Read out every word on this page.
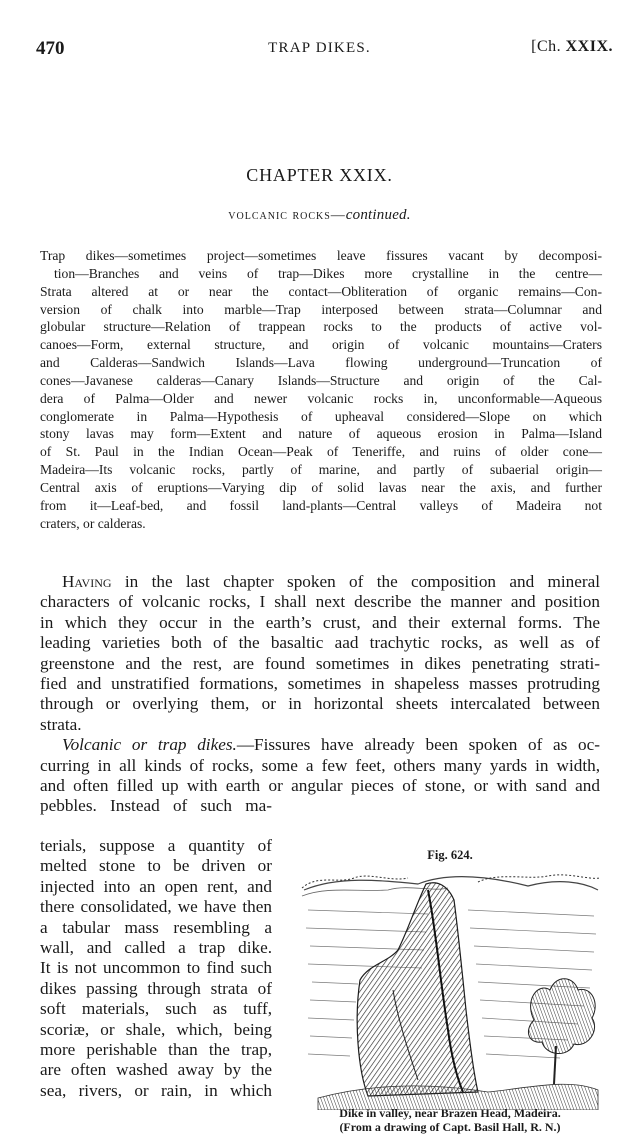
470	TRAP DIKES.	[Ch. XXIX.
CHAPTER XXIX.
volcanic rocks—continued.
Trap dikes—sometimes project—sometimes leave fissures vacant by decomposi-
tion—Branches and veins of trap—Dikes more crystalline in the centre—
Strata altered at or near the contact—Obliteration of organic remains—Con-
version of chalk into marble—Trap interposed between strata—Columnar and
globular structure—Relation of trappean rocks to the products of active vol-
canoes—Form, external structure, and origin of volcanic mountains—Craters
and Calderas—Sandwich Islands—Lava flowing underground—Truncation of
cones—Javanese calderas—Canary Islands—Structure and origin of the Cal-
dera of Palma—Older and newer volcanic rocks in, unconformable—Aqueous
conglomerate in Palma—Hypothesis of upheaval considered—Slope on which
stony lavas may form—Extent and nature of aqueous erosion in Palma—Island
of St. Paul in the Indian Ocean—Peak of Teneriffe, and ruins of older cone—
Madeira—Its volcanic rocks, partly of marine, and partly of subaerial origin—
Central axis of eruptions—Varying dip of solid lavas near the axis, and further
from it—Leaf-bed, and fossil land-plants—Central valleys of Madeira not
craters, or calderas.
Having in the last chapter spoken of the composition and mineral
characters of volcanic rocks, I shall next describe the manner and position
in which they occur in the earth’s crust, and their external forms. The
leading varieties both of the basaltic aad trachytic rocks, as well as of
greenstone and the rest, are found sometimes in dikes penetrating strati-
fied and unstratified formations, sometimes in shapeless masses protruding
through or overlying them, or in horizontal sheets intercalated between
strata.
Volcanic or trap dikes.—Fissures have already been spoken of as oc-
curring in all kinds of rocks, some a few feet, others many yards in width,
and often filled up with earth or angular pieces of stone, or with sand and
pebbles. Instead of such ma-
terials, suppose a quantity of
melted stone to be driven or
injected into an open rent, and
there consolidated, we have then
a tabular mass resembling a
wall, and called a trap dike.
It is not uncommon to find such
dikes passing through strata of
soft materials, such as tuff,
scoriæ, or shale, which, being
more perishable than the trap,
are often washed away by the
sea, rivers, or rain, in which
Fig. 624.
Dike in valley, near Brazen Head, Madeira.
(From a drawing of Capt. Basil Hall, R. N.)
